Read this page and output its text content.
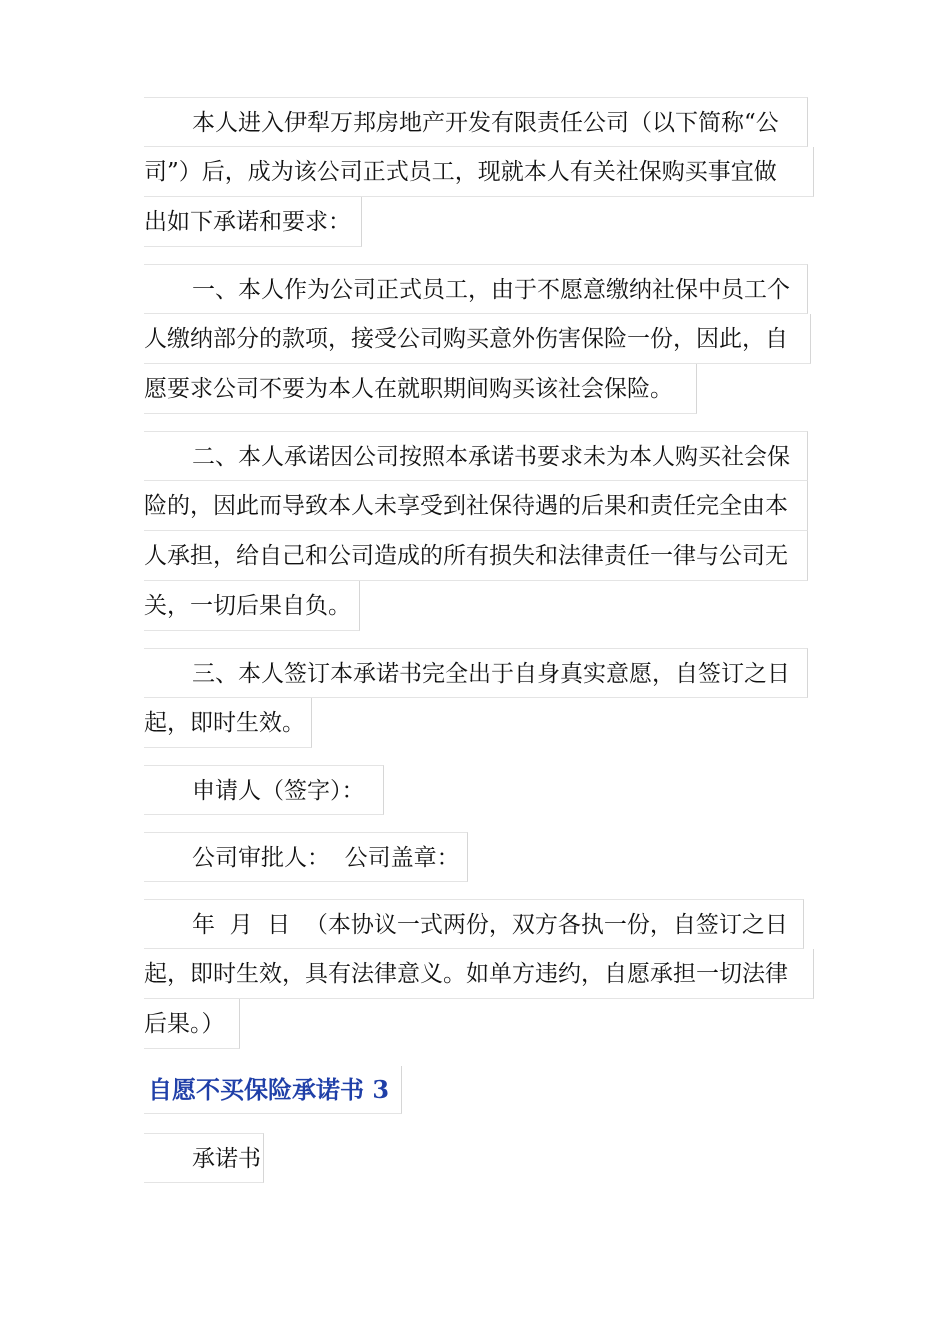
本人进入伊犁万邦房地产开发有限责任公司（以下简称“公
司”）后，成为该公司正式员工，现就本人有关社保购买事宜做
出如下承诺和要求：
一、本人作为公司正式员工，由于不愿意缴纳社保中员工个
人缴纳部分的款项，接受公司购买意外伤害保险一份，因此，自
愿要求公司不要为本人在就职期间购买该社会保险。
二、本人承诺因公司按照本承诺书要求未为本人购买社会保
险的，因此而导致本人未享受到社保待遇的后果和责任完全由本
人承担，给自己和公司造成的所有损失和法律责任一律与公司无
关，一切后果自负。
三、本人签订本承诺书完全出于自身真实意愿，自签订之日
起，即时生效。
申请人（签字）：
公司审批人：  公司盖章：
年  月  日  （本协议一式两份，双方各执一份，自签订之日
起，即时生效，具有法律意义。如单方违约，自愿承担一切法律
后果。）
自愿不买保险承诺书 3
承诺书
